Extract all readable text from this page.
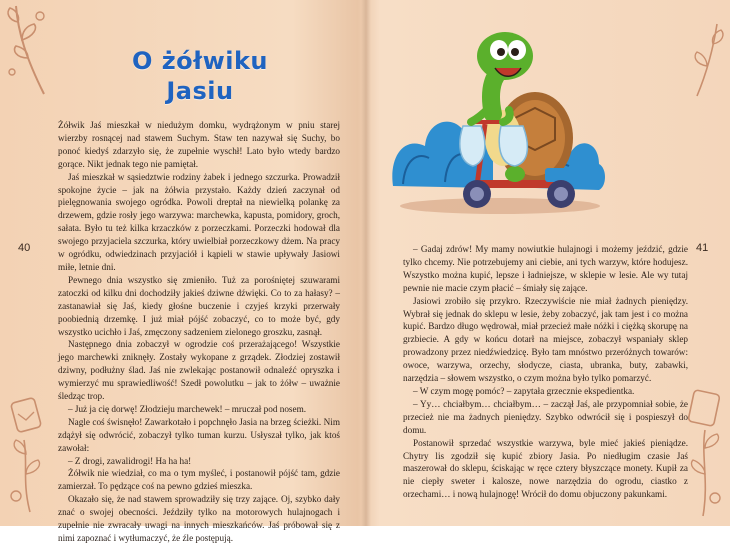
O żółwiku
Jasiu

Żółwik Jaś mieszkał w niedużym domku, wydrążonym w pniu starej wierzby rosnącej nad stawem Suchym. Staw ten nazywał się Suchy, bo ponoć kiedyś zdarzyło się, że zupełnie wyschł! Lato było wtedy bardzo gorące. Nikt jednak tego nie pamiętał.

Jaś mieszkał w sąsiedztwie rodziny żabek i jednego szczurka. Prowadził spokojne życie – jak na żółwia przystało. Każdy dzień zaczynał od pielęgnowania swojego ogródka. Powoli dreptał na niewielką polankę za drzewem, gdzie rosły jego warzywa: marchewka, kapusta, pomidory, groch, sałata. Było tu też kilka krzaczków z porzeczkami. Porzeczki hodował dla swojego przyjaciela szczurka, który uwielbiał porzeczkowy dżem. Na pracy w ogródku, odwiedzinach przyjaciół i kąpieli w stawie upływały Jasiowi miłe, letnie dni.

Pewnego dnia wszystko się zmieniło. Tuż za porośniętej szuwarami zatoczki od kilku dni dochodziły jakieś dziwne dźwięki. Co to za hałasy? – zastanawiał się Jaś, kiedy głośne buczenie i czyjeś krzyki przerwały poobiednią drzemkę. I już miał pójść zobaczyć, co to może być, gdy wszystko ucichło i Jaś, zmęczony sadzeniem zielonego groszku, zasnął.

Następnego dnia zobaczył w ogrodzie coś przerażającego! Wszystkie jego marchewki zniknęły. Zostały wykopane z grządek. Złodziej zostawił dziwny, podłużny ślad. Jaś nie zwlekając postanowił odnaleźć opryszka i wymierzyć mu sprawiedliwość! Szedł powolutku – jak to żółw – uważnie śledząc trop.

– Już ja cię dorwę! Złodzieju marchewek! – mruczał pod nosem.

Nagle coś świsnęło! Zawarkotało i popchnęło Jasia na brzeg ścieżki. Nim zdążył się odwrócić, zobaczył tylko tuman kurzu. Usłyszał tylko, jak ktoś zawołał:

– Z drogi, zawalidrogi! Ha ha ha!

Żółwik nie wiedział, co ma o tym myśleć, i postanowił pójść tam, gdzie zamierzał. To pędzące coś na pewno gdzieś mieszka.

Okazało się, że nad stawem sprowadziły się trzy zające. Oj, szybko dały znać o swojej obecności. Jeździły tylko na motorowych hulajnogach i zupełnie nie zwracały uwagi na innych mieszkańców. Jaś próbował się z nimi zapoznać i wytłumaczyć, że źle postępują.

40	– Gadaj zdrów! My mamy nowiutkie hulajnogi i możemy jeździć, gdzie tylko chcemy. Nie potrzebujemy ani ciebie, ani tych warzyw, które hodujesz. Wszystko można kupić, lepsze i ładniejsze, w sklepie w lesie. Ale wy tutaj pewnie nie macie czym płacić – śmiały się zające.

Jasiowi zrobiło się przykro. Rzeczywiście nie miał żadnych pieniędzy. Wybrał się jednak do sklepu w lesie, żeby zobaczyć, jak tam jest i co można kupić. Bardzo długo wędrował, miał przecież małe nóżki i ciężką skorupę na grzbiecie. A gdy w końcu dotarł na miejsce, zobaczył wspaniały sklep prowadzony przez niedźwiedzicę. Było tam mnóstwo przeróżnych towarów: owoce, warzywa, orzechy, słodycze, ciasta, ubranka, buty, zabawki, narzędzia – słowem wszystko, o czym można było tylko pomarzyć.

– W czym mogę pomóc? – zapytała grzecznie ekspedientka.

– Yy… chciałbym… chciałbym… – zaczął Jaś, ale przypomniał sobie, że przecież nie ma żadnych pieniędzy. Szybko odwrócił się i pospieszył do domu.

Postanowił sprzedać wszystkie warzywa, byle mieć jakieś pieniądze. Chytry lis zgodził się kupić zbiory Jasia. Po niedługim czasie Jaś maszerował do sklepu, ściskając w ręce cztery błyszczące monety. Kupił za nie ciepły sweter i kalosze, nowe narzędzia do ogrodu, ciastko z orzechami… i nową hulajnogę! Wrócił do domu objuczony pakunkami.

41
